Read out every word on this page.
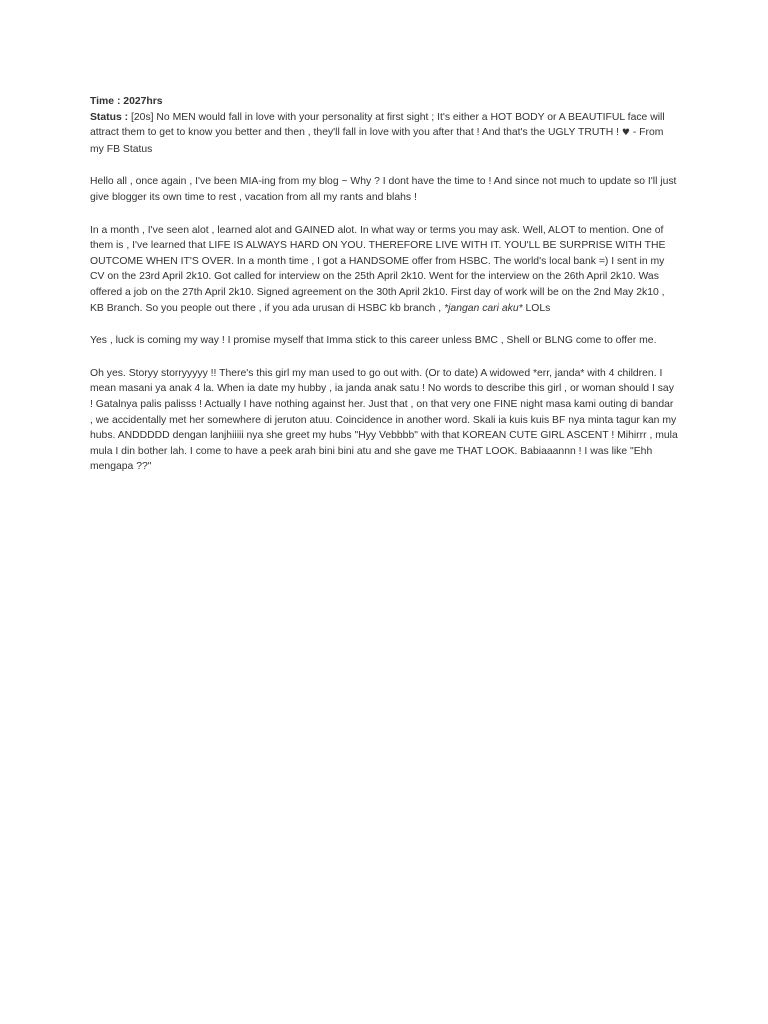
Time : 2027hrs

Status : [20s] No MEN would fall in love with your personality at first sight ; It's either a HOT BODY or A BEAUTIFUL face will attract them to get to know you better and then , they'll fall in love with you after that ! And that's the UGLY TRUTH ! ♥ - From my FB Status

Hello all , once again , I've been MIA-ing from my blog ~ Why ? I dont have the time to ! And since not much to update so I'll just give blogger its own time to rest , vacation from all my rants and blahs !

In a month , I've seen alot , learned alot and GAINED alot. In what way or terms you may ask. Well, ALOT to mention. One of them is , I've learned that LIFE IS ALWAYS HARD ON YOU. THEREFORE LIVE WITH IT. YOU'LL BE SURPRISE WITH THE OUTCOME WHEN IT'S OVER. In a month time , I got a HANDSOME offer from HSBC. The world's local bank =) I sent in my CV on the 23rd April 2k10. Got called for interview on the 25th April 2k10. Went for the interview on the 26th April 2k10. Was offered a job on the 27th April 2k10. Signed agreement on the 30th April 2k10. First day of work will be on the 2nd May 2k10 , KB Branch. So you people out there , if you ada urusan di HSBC kb branch , *jangan cari aku* LOLs

Yes , luck is coming my way ! I promise myself that Imma stick to this career unless BMC , Shell or BLNG come to offer me.

Oh yes. Storyy storryyyyy !! There's this girl my man used to go out with. (Or to date) A widowed *err, janda* with 4 children. I mean masani ya anak 4 la. When ia date my hubby , ia janda anak satu ! No words to describe this girl , or woman should I say ! Gatalnya palis palisss ! Actually I have nothing against her. Just that , on that very one FINE night masa kami outing di bandar , we accidentally met her somewhere di jeruton atuu. Coincidence in another word. Skali ia kuis kuis BF nya minta tagur kan my hubs. ANDDDDD dengan lanjhiiiii nya she greet my hubs "Hyy Vebbbb" with that KOREAN CUTE GIRL ASCENT ! Mihirrr , mula mula I din bother lah. I come to have a peek arah bini bini atu and she gave me THAT LOOK. Babiaaannn ! I was like "Ehh mengapa ??"
